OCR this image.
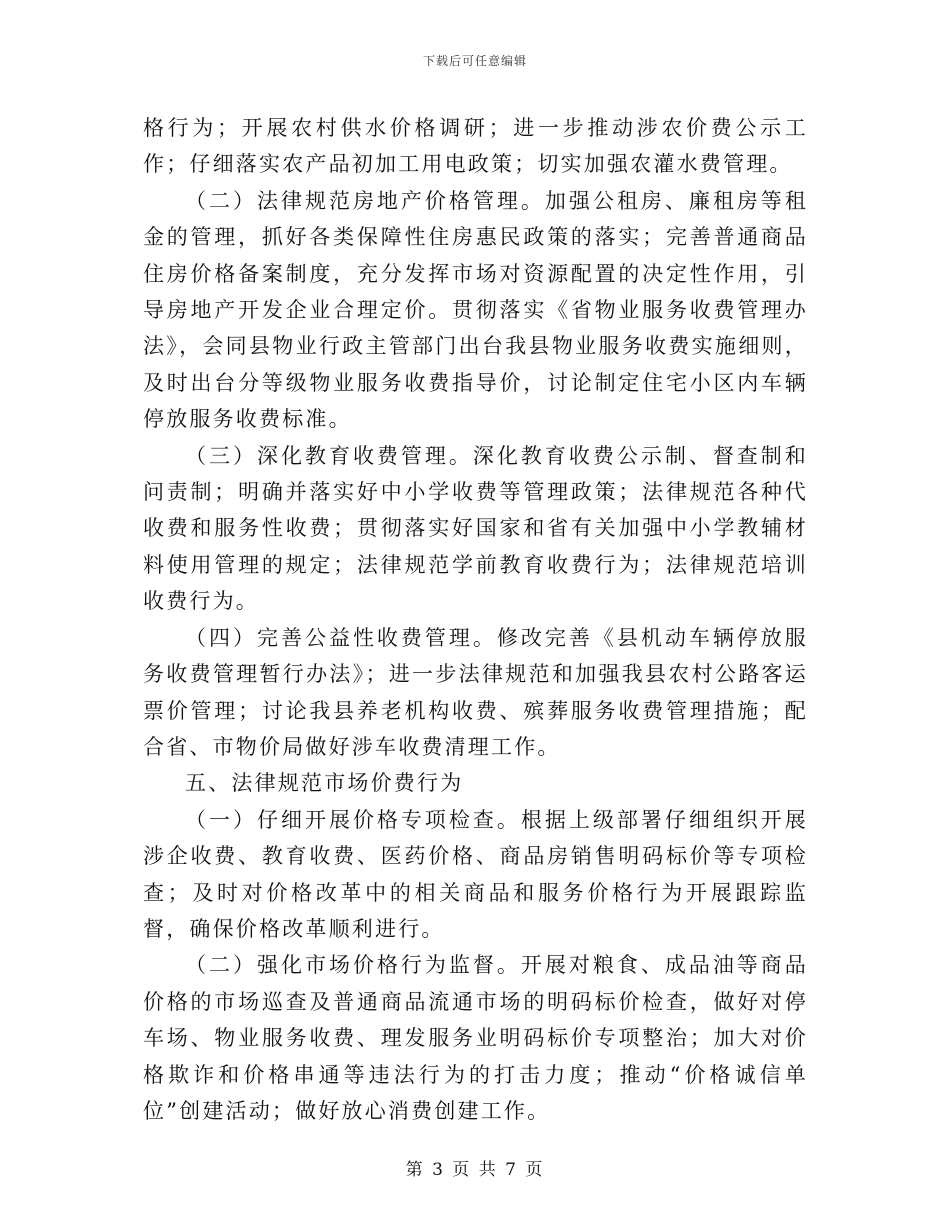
下载后可任意编辑

格行为；开展农村供水价格调研；进一步推动涉农价费公示工作；仔细落实农产品初加工用电政策；切实加强农灌水费管理。

（二）法律规范房地产价格管理。加强公租房、廉租房等租金的管理，抓好各类保障性住房惠民政策的落实；完善普通商品住房价格备案制度，充分发挥市场对资源配置的决定性作用，引导房地产开发企业合理定价。贯彻落实《省物业服务收费管理办法》，会同县物业行政主管部门出台我县物业服务收费实施细则，及时出台分等级物业服务收费指导价，讨论制定住宅小区内车辆停放服务收费标准。

（三）深化教育收费管理。深化教育收费公示制、督查制和问责制；明确并落实好中小学收费等管理政策；法律规范各种代收费和服务性收费；贯彻落实好国家和省有关加强中小学教辅材料使用管理的规定；法律规范学前教育收费行为；法律规范培训收费行为。

（四）完善公益性收费管理。修改完善《县机动车辆停放服务收费管理暂行办法》；进一步法律规范和加强我县农村公路客运票价管理；讨论我县养老机构收费、殡葬服务收费管理措施；配合省、市物价局做好涉车收费清理工作。

五、法律规范市场价费行为

（一）仔细开展价格专项检查。根据上级部署仔细组织开展涉企收费、教育收费、医药价格、商品房销售明码标价等专项检查；及时对价格改革中的相关商品和服务价格行为开展跟踪监督，确保价格改革顺利进行。

（二）强化市场价格行为监督。开展对粮食、成品油等商品价格的市场巡查及普通商品流通市场的明码标价检查，做好对停车场、物业服务收费、理发服务业明码标价专项整治；加大对价格欺诈和价格串通等违法行为的打击力度；推动“价格诚信单位”创建活动；做好放心消费创建工作。

第 3 页 共 7 页
